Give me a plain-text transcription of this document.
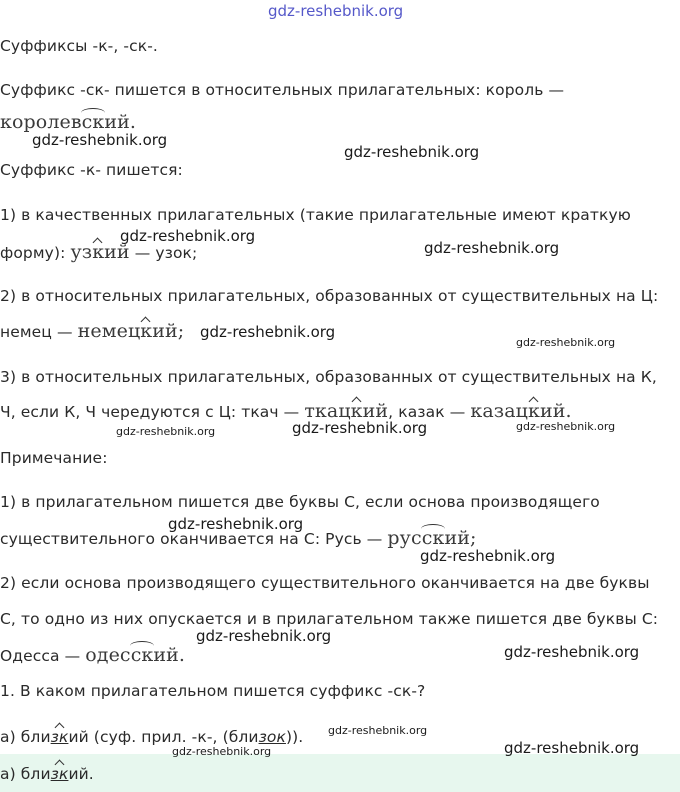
gdz-reshebnik.org
Суффиксы -к-, -ск-.
Суффикс -ск- пишется в относительных прилагательных: король —
королевский.
Суффикс -к- пишется:
1) в качественных прилагательных (такие прилагательные имеют краткую
форму): узкий — узок;
2) в относительных прилагательных, образованных от существительных на Ц:
немец — немецкий;
3) в относительных прилагательных, образованных от существительных на К,
Ч, если К, Ч чередуются с Ц: ткач — ткацкий, казак — казацкий.
Примечание:
1) в прилагательном пишется две буквы С, если основа производящего
существительного оканчивается на С: Русь — русский;
2) если основа производящего существительного оканчивается на две буквы
С, то одно из них опускается и в прилагательном также пишется две буквы С:
Одесса — одесский.
1. В каком прилагательном пишется суффикс -ск-?
а) близкий (суф. прил. -к-, (близок)).
а) близкий.
gdz-reshebnik.org
gdz-reshebnik.org
gdz-reshebnik.org
gdz-reshebnik.org
gdz-reshebnik.org
gdz-reshebnik.org
gdz-reshebnik.org	gdz-reshebnik.org	gdz-reshebnik.org
gdz-reshebnik.org
gdz-reshebnik.org
gdz-reshebnik.org
gdz-reshebnik.org
gdz-reshebnik.org
gdz-reshebnik.org	gdz-reshebnik.org
